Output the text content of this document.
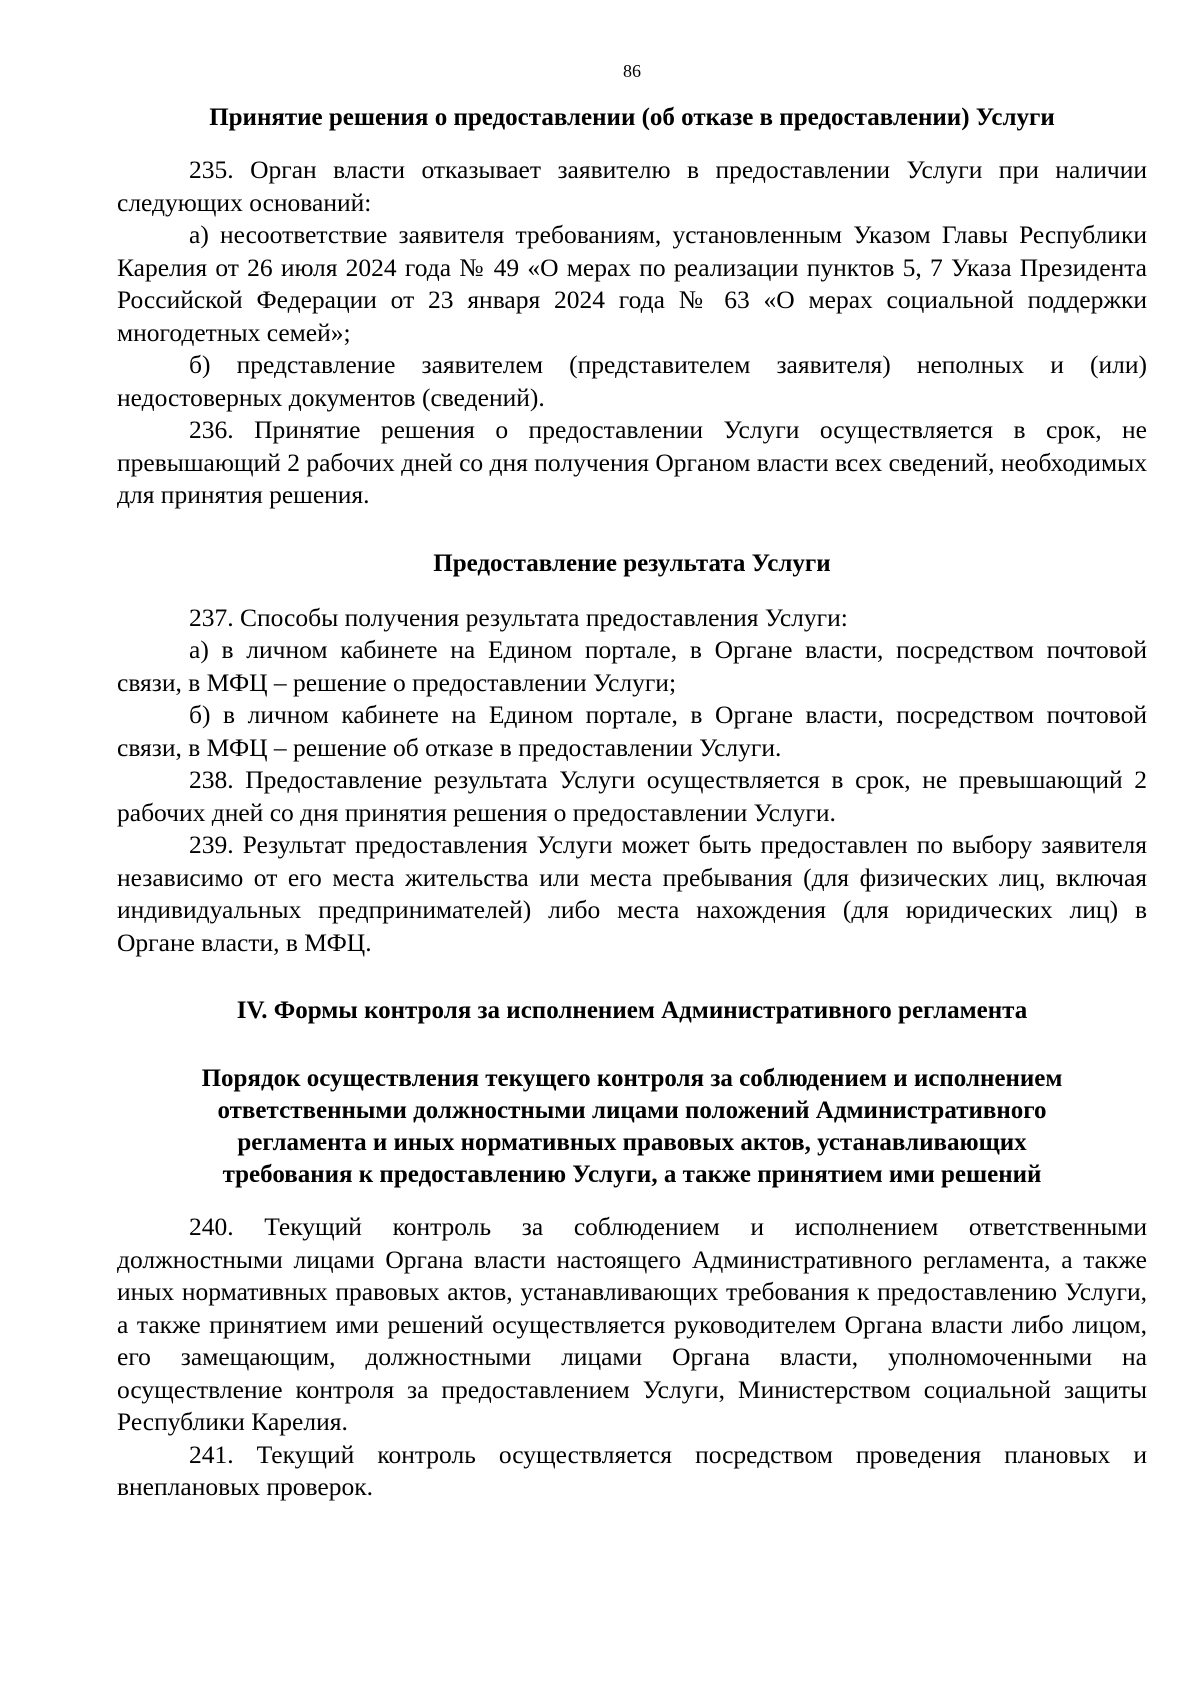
86
Принятие решения о предоставлении (об отказе в предоставлении) Услуги

235. Орган власти отказывает заявителю в предоставлении Услуги при наличии следующих оснований:

а) несоответствие заявителя требованиям, установленным Указом Главы Республики Карелия от 26 июля 2024 года № 49 «О мерах по реализации пунктов 5, 7 Указа Президента Российской Федерации от 23 января 2024 года № 63 «О мерах социальной поддержки многодетных семей»;

б) представление заявителем (представителем заявителя) неполных и (или) недостоверных документов (сведений).

236. Принятие решения о предоставлении Услуги осуществляется в срок, не превышающий 2 рабочих дней со дня получения Органом власти всех сведений, необходимых для принятия решения.

Предоставление результата Услуги

237. Способы получения результата предоставления Услуги:

а) в личном кабинете на Едином портале, в Органе власти, посредством почтовой связи, в МФЦ – решение о предоставлении Услуги;

б) в личном кабинете на Едином портале, в Органе власти, посредством почтовой связи, в МФЦ – решение об отказе в предоставлении Услуги.

238. Предоставление результата Услуги осуществляется в срок, не превышающий 2 рабочих дней со дня принятия решения о предоставлении Услуги.

239. Результат предоставления Услуги может быть предоставлен по выбору заявителя независимо от его места жительства или места пребывания (для физических лиц, включая индивидуальных предпринимателей) либо места нахождения (для юридических лиц) в Органе власти, в МФЦ.

IV. Формы контроля за исполнением Административного регламента
Порядок осуществления текущего контроля за соблюдением и исполнением
ответственными должностными лицами положений Административного
регламента и иных нормативных правовых актов, устанавливающих
требования к предоставлению Услуги, а также принятием ими решений

240. Текущий контроль за соблюдением и исполнением ответственными должностными лицами Органа власти настоящего Административного регламента, а также иных нормативных правовых актов, устанавливающих требования к предоставлению Услуги, а также принятием ими решений осуществляется руководителем Органа власти либо лицом, его замещающим, должностными лицами Органа власти, уполномоченными на осуществление контроля за предоставлением Услуги, Министерством социальной защиты Республики Карелия.

241. Текущий контроль осуществляется посредством проведения плановых и внеплановых проверок.
